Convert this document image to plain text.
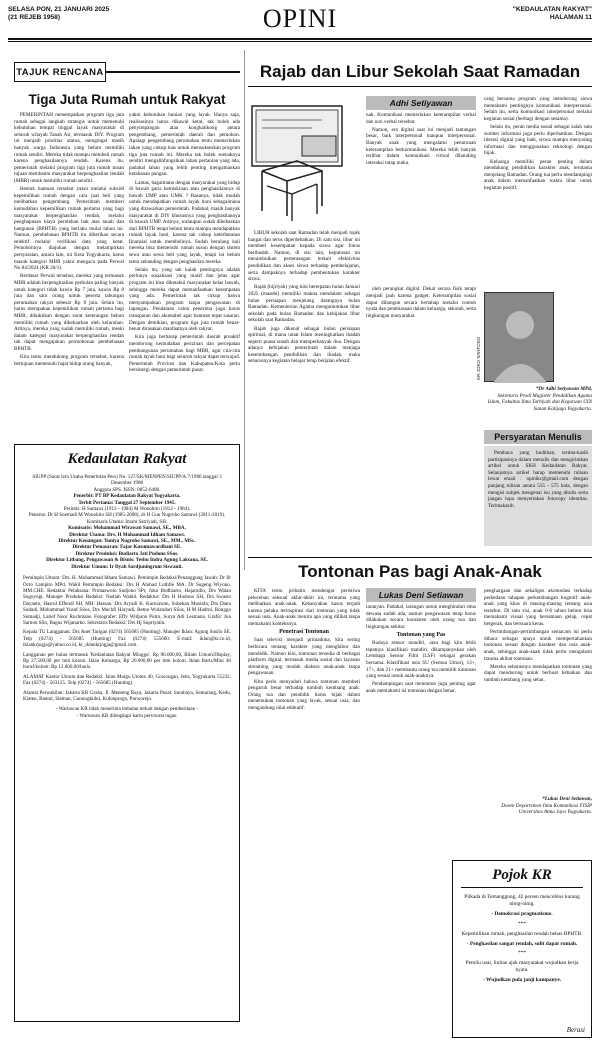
SELASA PON, 21 JANUARI 2025
(21 REJEB 1958)	OPINI	"KEDAULATAN RAKYAT"
HALAMAN 11
TAJUK RENCANA
Tiga Juta Rumah untuk Rakyat

PEMERINTAH menempatkan program tiga juta rumah sebagai langkah strategis untuk memenuhi kebutuhan tempat tinggal layak masyarakat di seluruh wilayah Tanah Air, termasuk DIY. Program ini menjadi prioritas utama, mengingat masih banyak warga Indonesia yang belum memiliki rumah sendiri. Mereka tidak mampu membeli rumah karena penghasilannya rendah. Karena itu, pemerintah melalui program tiga juta rumah tunan tujuan membantu masyarakat berpenghasilan rendah (MBR) untuk memiliki rumah sendiri.

Bentuk bantuan tersebut yakni melalui subsidi kepemilikan rumah dengan cara jual beli yang melibatkan pengembang. Pemerintah memberi kemudahan kepemilikan rumah perlama yang bagi masyarakat berpenghasilan rendah, melalui penghapusan biaya perolehan hak atas tanah dan bangunan (BPHTB) yang berlaku mulai tahun ini. Namun, pembebasan BPHTB itu diberikan secara selektif melalui verifikasi data yang ketat. Pemohonnya diajukan dengan melampirkan persyaratan, antara lain, ini Kota Yogyakarta, harus masuk kategori MBR yakni mengacu pada Perwal No 84/2024 (KR 20/1).

Berdasar Perwal tersebut, mereka yang termasuk MBR adalah berpenghasilan perbulan paling banyak untuk kategori tidak kawin Rp 7 juta, kawin Rp 8 juta dan satu orang untuk peserta tabungan perumahan rakyat sebesar Rp 8 juta. Selain itu, harus merupakan kepemilikan rumah pertama bagi MBR, dibuktikan dengan surat keterangan belum memiliki rumah yang dikeluarkan oleh kelurahan. Artinya, mereka yang sudah memiliki rumah, meski dalam kategori masyarakat berpenghasilan rendah tak dapat mengajukan permohonan pembebasan BPHTB.

Kita tentu mendukung program tersebut, karena bertujuan memenuhi hajat hidup orang banyak,

yakni kebutuhan hunian yang layak. Hanya saja, realisasinya harus dikawal ketat, tak boleh ada penyimpangan atau kongkalikong antara pengembang, pemerintah daerah dan pemohon. Apalagi pengembang perumahan tentu memerlukan lahan yang cukup luas untuk mensukseskan program tiga juta rumah ini. Mereka tak boleh seenaknya sendiri mengalihfungsikan lahan pertanian yang ada, padahal lahan yang lebih penting mengamankan ketahanan pangan.

Lantas, bagaimana dengan masyarakat yang hidup di bawah garis kemiskinan atau penghasilannya di bawah UMP atau UMK ? Rasanya, tidak mudah untuk mendapatkan rumah layak huni sebagaimana yang ditawarkan pemerintah. Padahal, masih banyak masyarakat di DIY khususnya yang penghasilannya di bawah UMP. Artinya, walaupun sudah dibebaskan dari BPHTB tetapi belum tentu mampu mendapatkan rumah layak huni, karena tak cukup keterbatasan finansial untuk membelinya. Sudah berulang kali mereka bisa memenuhi rumah susun dengan sistem sewa atau sewa beli yang layak, tetapi ini belum tentu sebanding dengan penghasilan mereka.

Selain itu, yang tak kalah pentingnya adalah perlunya sosialisasi yang masif dan jelas agar program ini bisa diketahui masyarakat kelas bawah, sehingga mereka dapat memanfaatkan kesempatan yang ada. Pemerintah tak cukup hanya menyampaikan program tanpa pengawasan di lapangan. Pendataan calon penerima juga harus transparan dan akuntabel agar bantuan tepat sasaran. Dengan demikian, program tiga juta rumah benar-benar dirasakan manfaatnya oleh rakyat.

Kita juga berharap pemerintah daerah proaktif mendorong kemudahan perizinan dan percepatan pembangunan perumahan bagi MBR, agar cita-cita rumah layak huni bagi seluruh rakyat dapat terwujud. Pemerintah Provinsi dan Kabupaten/Kota perlu bersinergi dengan pemerintah pusat.

Kedaulatan Rakyat
SIUPP (Surat Izin Usaha Penerbitan Pers) No. 127/SK/MENPEN/SIUPP/A.7/1986 tanggal 3 Desember 1986
Anggota SPS. ISSN: 0852-6486.
Penerbit: PT BP Kedaulatan Rakyat Yogyakarta.
Terbit Pertama: Tanggal 27 September 1945.
Perintis: H Samawi (1913 - 1984) M Wonohito (1912 - 1984).
Penerus: Dr H Soemadi M Wonohito SH (1985-2008), dr H Gun Nugroho Samawi (2011-2019). Komisaris Utama: Imam Satriyadi, SH.
Komisaris: Mohammad Wirawan Samawi, SE., MBA.
Direktur Utama: Drs. H Mohammad Idham Samawi.
Direktur Keuangan: Yuniya Nugroho Samawi, SE., MM., MSc.
Direktur Pemasaran: Fajar Kusumawardhani SE.
Direktur Produksi: Budiarto Jati Pudono SSos.
Direktur Litbang, Pengawasan & Bisnis: Yeshu Indra Agung Laksana, SE.
Direktur Umum: Ir Dyah Sardjuningrum Siswanti.
Pemimpin Umum: Drs. H. Mohammad Idham Samawi. Pemimpin Redaksi/Penanggung Jawab: Dr Ilr Octo Lampito MPd. Wakil Pemimpin Redaksi: Drs H Ahmad Luthfie MA. Dr Sugeng Wiyono, MM.CHE. Redaktur Pelaksana: Primaswolo Sudjono SPt, Joko Budhiarto, Hajarudin, Drs Walan Sugoyogi. Manajer Produksi Redaksi: Nadiah Wahid. Redaktur: Drs H Hudono SH, Drs Swasto Dayanto, Hasrul Effendi SH, MH. Hassan. Drs Aryadi K. Kurniawan, Subekan Mustafa, Drs Danu Sudadi, Mohammad Yusuf SSos, Drs Muchfi Haryadi, Retno Wulandari SSos, H M Hadrni, Ronggo Sumadji, Latief Noor Rochmans. Fotografer: Effy Widjono Putro, Surya Adi Lesmana. Grafis: Jon Sarnon SSn, Bagus Wijanarko. Sekretaris Redaksi: Drs Hj Supriyatin.
Kepala TU Langganan: Drs Anet Tarigan (0274) 565685 (Hunting). Manajer Iklan: Agung Susilo SE. Telp (0274) - 565685 (Hunting) Fax (0274) 555660. E-mail: iklan@kr.co.id, iklankrjogja@yahoo.co.id, kr_iklankrjogja@gmail.com.
Langganan per bulan termasuk 'Kedaulatan Rakyat Minggu', Rp 96.000,00, Bilam Umum/Display, Rp 27.500,00 per mm kolom. Iklan Keluarga, Rp 20.000,00 per mm kolom. Iklan Baris/Mini 40 huruf/kolom: Rp 12.000,00/baris.
ALAMAT Kantor Umum dan Redaksi: Jalan Margo Utomo 40, Gowongan, Jetis, Yogyakarta 55232. Fax (0274) - 563125. Telp (0274) - 565685 (Hunting).
Alamat Perwakilan: Jakarta KR Graha, Jl. Menteng Raya, Jakarta Pusat. Surabaya, Semarang, Kedu, Klaten, Bantul, Sleman, Gunungkidul, Kulonprogo, Purworejo.
- Wartawan KR tidak menerima imbalan terkait dengan pemberitaan -
- Wartawan KR dilengkapi kartu pers/surat tugas.
Rajab dan Libur Sekolah Saat Ramadan

LIBUR sekolah saat Ramadan telah menjadi topik hangat dan terus diperdebatkan. Di satu sisi, libur ini memberi kesempatan kepada siswa agar fokus beribadah. Namun, di sisi lain, keputusan ini menimbulkan pertentangan terkait efektivitas pendidikan dan akses siswa terhadap pembelajaran, serta dampaknya terhadap pembentukan karakter siswa.

Rajab (hijriyah) yang kini bertepatan bulan Januari 2025 (masehi) memiliki makna mendalam sebagai bulan persiapan menjelang datangnya bulan Ramadan. Kementerian Agama mengumumkan libur sekolah pada bulan Ramadan dan kebijakan libur sekolah saat Ramadan.

Rajab juga dikenal sebagai bulan persiapan spiritual, di mana umat Islam meningkatkan ibadah seperti puasa sunah dan memperbanyak doa. Dengan adanya kebijakan pemerintah dalam menjaga keseimbangan pendidikan dan ibadah, maka seharusnya kegiatan belajar tetap berjalan efektif.

Adhi Setiyawan

nak. Komunikasi memerlukan keterampilan verbal dan non verbal tersebut.

Namun, era digital saat ini menjadi tantangan besar, baik interpersonal maupun interpersonal. Banyak anak yang mengalami penurunan keterampilan berkomunikasi. Mereka lebih banyak terlibat dalam komunikasi virtual dibanding interaksi tatap muka.

oleh perangkat digital. Dekat secara fisik tetapi menjadi jauh karena gadget. Keterampilan sosial dapat dibangun secara bertahap melalui contoh nyata dan pembiasaan dalam keluarga, sekolah, serta lingkungan masyarakat.

cang bersama program yang mendorong siswa memahami pentingnya komunikasi interpersonal. Selain itu, serta komunikasi interpersonal melalui kegiatan sosial (berbagi dengan sesama).

Selain itu, peran media sosial sebagai salah satu sumber informasi juga perlu diperhatikan. Dengan literasi digital yang baik, siswa mampu menyaring informasi dan menggunakan teknologi dengan bijak.

Keluarga memiliki peran penting dalam mendukung pendidikan karakter anak, terutama menjelang Ramadan. Orang tua perlu mendampingi anak dalam memanfaatkan waktu libur untuk kegiatan positif.

KR-JOKO SANTOSO
*Dr Adhi Setiyawan MPd,
Sekretaris Prodi Magister Pendidikan Agama Islam, Fakultas Ilmu Tarbiyah dan Keguruan UIN Sunan Kalijaga Yogyakarta.
Persyaratan Menulis

Pembaca yang budiman, terima-kasih partisipasinya dalam menulis dan mengirimkan artikel untuk SKH Kedaulatan Rakyat. Selanjutnya artikel harap memenuhi tulisan lewat email : opinikr@gmail.com dengan panjang tulisan antara 535 - 575 kata, dengan mengisi subjek mengenai isu yang ditulis serta jangan lupa menyertakan fotocopy identitas. Terimakasih.

Tontonan Pas bagi Anak-Anak

KITA tentu prihatin mendengar peristiwa pelecehan seksual akhir-akhir ini, terutama yang melibatkan anak-anak. Kebanyakan kasus terjadi karena pelaku terinspirasi dari tontonan yang tidak sesuai usia. Anak-anak meniru apa yang dilihat tanpa memahami konteksnya.

Penetrasi Tontonan

Saat televisi menjadi primadona, kita sering berbicara tentang karakter yang menghibur dan mendidik. Namun kini, tontonan tersedia di berbagai platform digital, termasuk media sosial dan layanan streaming yang mudah diakses anak-anak tanpa pengawasan.

Kita perlu menyadari bahwa tontonan memberi pengaruh besar terhadap tumbuh kembang anak. Orang tua dan pendidik harus bijak dalam menentukan tontonan yang layak, sesuai usia, dan mengandung nilai edukatif.

Lukas Deni Setiawan

laranyan. Padahal, larangan untuk menghindari situs dewasa sudah ada, namun pengawasan tetap harus dilakukan secara konsisten oleh orang tua dan lingkungan sekitar.

Tontonan yang Pas

Budaya sensor mandiri, atau bagi kita lebih tepatnya klasifikasi mandiri, dikampanyekan oleh Lembaga Sensor Film (LSF) sebagai gerakan bersama. Klasifikasi usia SU (Semua Umur), 13+, 17+, dan 21+ membantu orang tua memilih tontonan yang sesuai untuk anak-anaknya.

Pendampingan saat menonton juga penting agar anak memahami isi tontonan dengan benar.

penghargaan dan sekaligus akomodasi terhadap perbedaan tahapan perkembangan kognitif anak-anak yang khas di masing-masing rentang usia tersebut. Di satu sisi, anak 0-6 tahun belum bisa memahami visual yang bersamaan gelap, cepat bergerak, dan bersuara keras.

Pertimbangan-pertimbangan semacam ini perlu dibaca sebagai upaya untuk mempertahankan tontonan sesuai dengan karakter dan usia anak-anak, sehingga anak-anak tidak perlu mengalami trauma akibat tontonan.

Mereka seharusnya mendapatkan tontonan yang dapat mendorong untuk berbuat kebaikan dan tumbuh kembang yang sehat.

*Lukas Deni Setiawan,
Dosen Departemen Ilmu Komunikasi FISIP Universitas Atma Jaya Yogyakarta.
Pojok KR

Pilkada di Temanggung, 42 persen mencoblos kurang nimg-nimg.

- Demokrasi pragmatisme.

***

Kepemilikan rumah, penghasilan rendah bebas BPHTB.

- Penghasilan sangat rendah, sulit dapat rumah.

***

Pemilu usai, Sultan ajak masyarakat wujudkan kerja nyata.

- Wujudkan pula janji kampanye.

Berasi
